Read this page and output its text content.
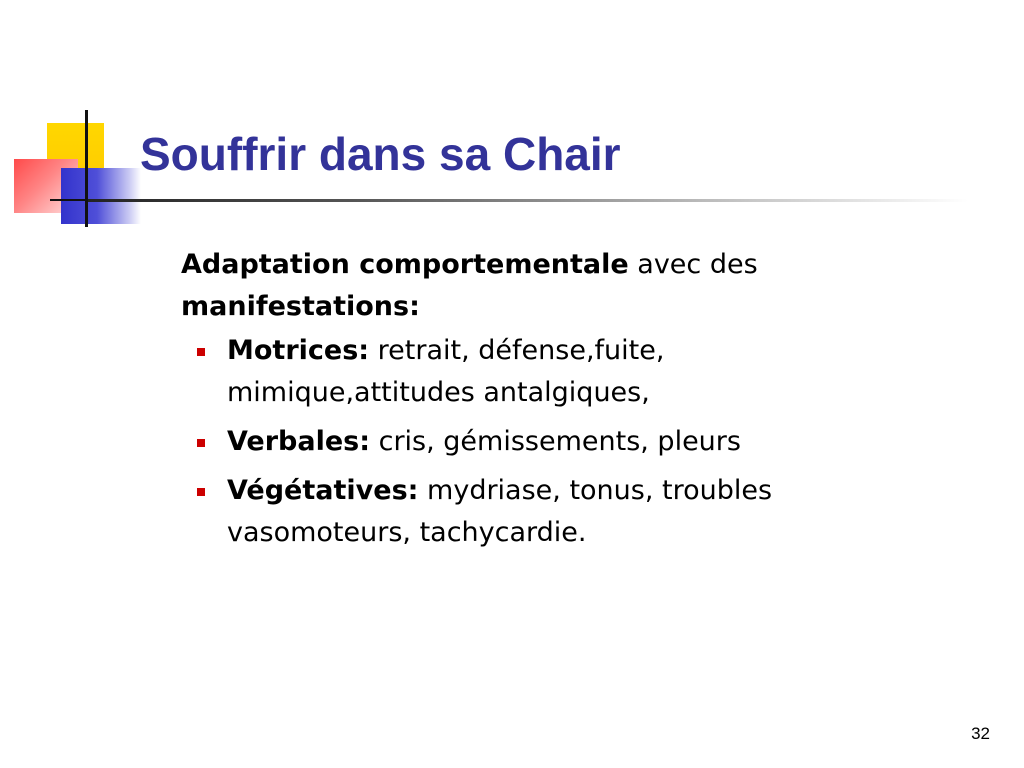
Souffrir dans sa Chair

Adaptation comportementale avec des manifestations:

Motrices: retrait, défense,fuite, mimique,attitudes antalgiques,
Verbales: cris, gémissements, pleurs
Végétatives: mydriase, tonus, troubles vasomoteurs, tachycardie.
32
